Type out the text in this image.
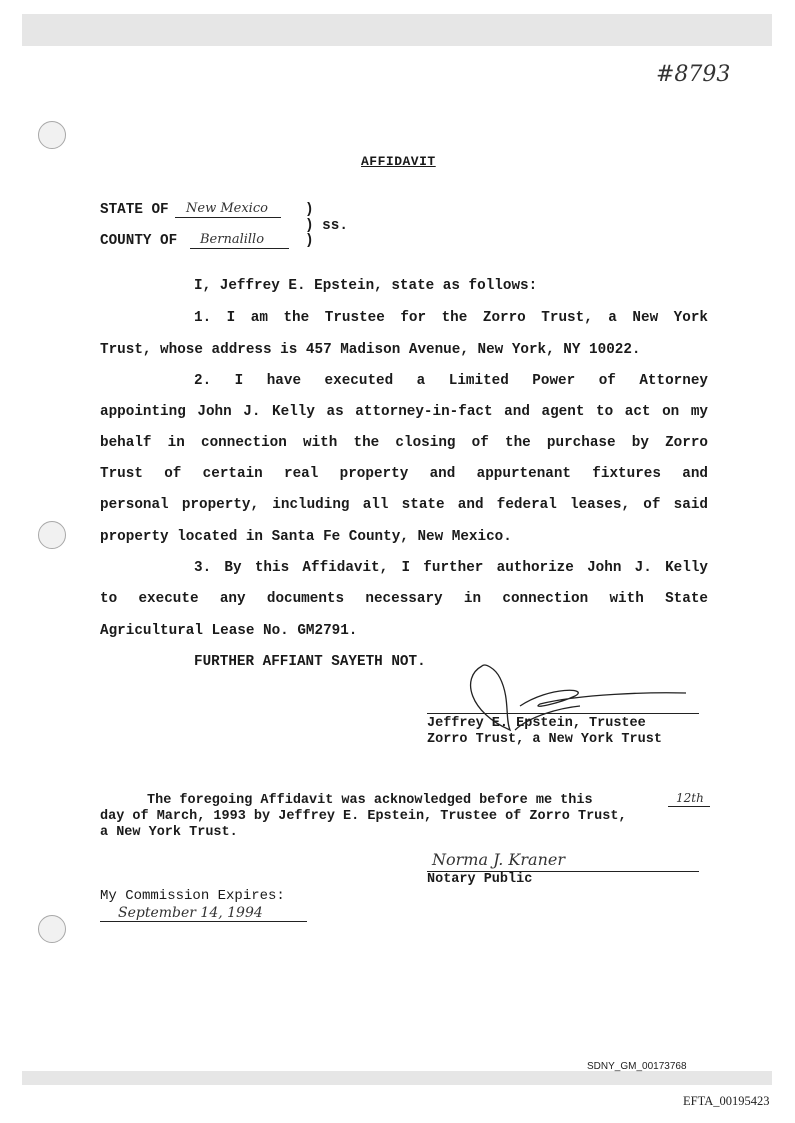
#8793
AFFIDAVIT
STATE OF New Mexico	)
) ss.
COUNTY OF Bernalillo	)
I, Jeffrey E. Epstein, state as follows:
1. I am the Trustee for the Zorro Trust, a New York
Trust, whose address is 457 Madison Avenue, New York, NY 10022.
2. I have executed a Limited Power of Attorney
appointing John J. Kelly as attorney-in-fact and agent to act on my
behalf in connection with the closing of the purchase by Zorro
Trust of certain real property and appurtenant fixtures and
personal property, including all state and federal leases, of said
property located in Santa Fe County, New Mexico.
3. By this Affidavit, I further authorize John J. Kelly
to execute any documents necessary in connection with State
Agricultural Lease No. GM2791.
FURTHER AFFIANT SAYETH NOT.
Jeffrey E. Epstein, Trustee
Zorro Trust, a New York Trust
The foregoing Affidavit was acknowledged before me this	12th
day of March, 1993 by Jeffrey E. Epstein, Trustee of Zorro Trust,
a New York Trust.
Norma J. Kraner
Notary Public
My Commission Expires:
September 14, 1994
SDNY_GM_00173768
EFTA_00195423
